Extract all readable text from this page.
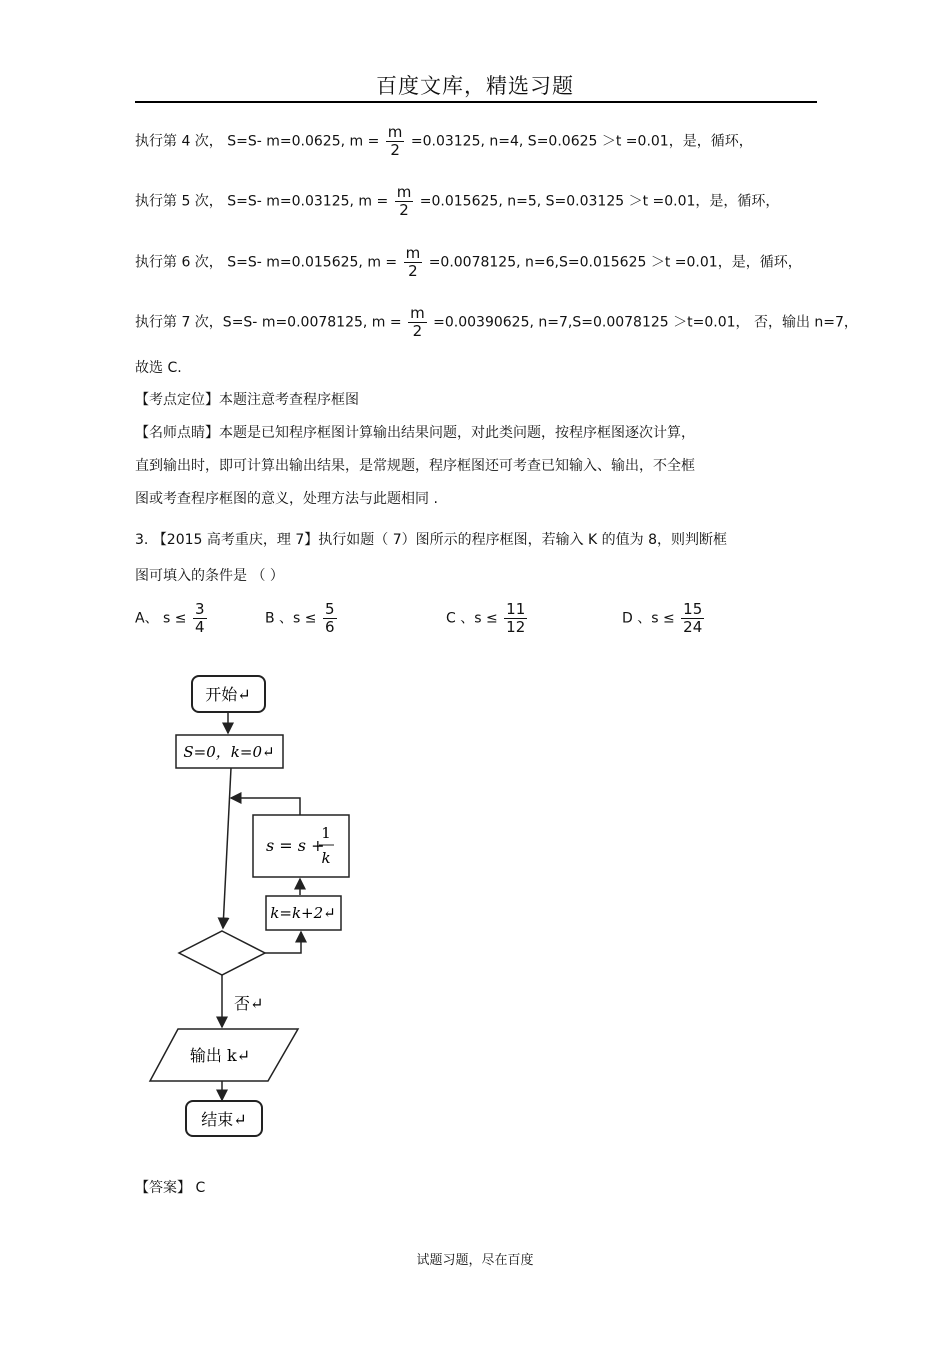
百度文库，精选习题
执行第 4 次， S=S- m=0.0625, $m = \frac{m}{2} =0.03125$, n=4, S=0.0625 ＞t =0.01，是，循环，
执行第 5 次， S=S- m=0.03125, $m = \frac{m}{2} =0.015625$, n=5, S=0.03125 ＞t =0.01，是，循环，
执行第 6 次， S=S- m=0.015625, $m = \frac{m}{2} =0.0078125$, n=6,S=0.015625 ＞t =0.01，是，循环，
执行第 7 次，S=S- m=0.0078125, $m = \frac{m}{2} =0.00390625$, n=7,S=0.0078125 ＞t=0.01， 否，输出 n=7，
故选 C.
【考点定位】本题注意考查程序框图
【名师点睛】本题是已知程序框图计算输出结果问题，对此类问题，按程序框图逐次计算，
直到输出时，即可计算出输出结果，是常规题，程序框图还可考查已知输入、输出，不全框
图或考查程序框图的意义，处理方法与此题相同 .
3. 【2015 高考重庆，理 7】执行如题（ 7）图所示的程序框图，若输入 K 的值为 8，则判断框
图可填入的条件是 （ ）
A、 $s \le \frac{3}{4}$	B 、$s \le \frac{5}{6}$	C 、$s \le \frac{11}{12}$	D 、$s \le \frac{15}{24}$
开始↵
S=0，k=0↵
s = s +
1
k
k=k+2↵
否↵
输出 k↵
结束↵
【答案】 C
试题习题，尽在百度
